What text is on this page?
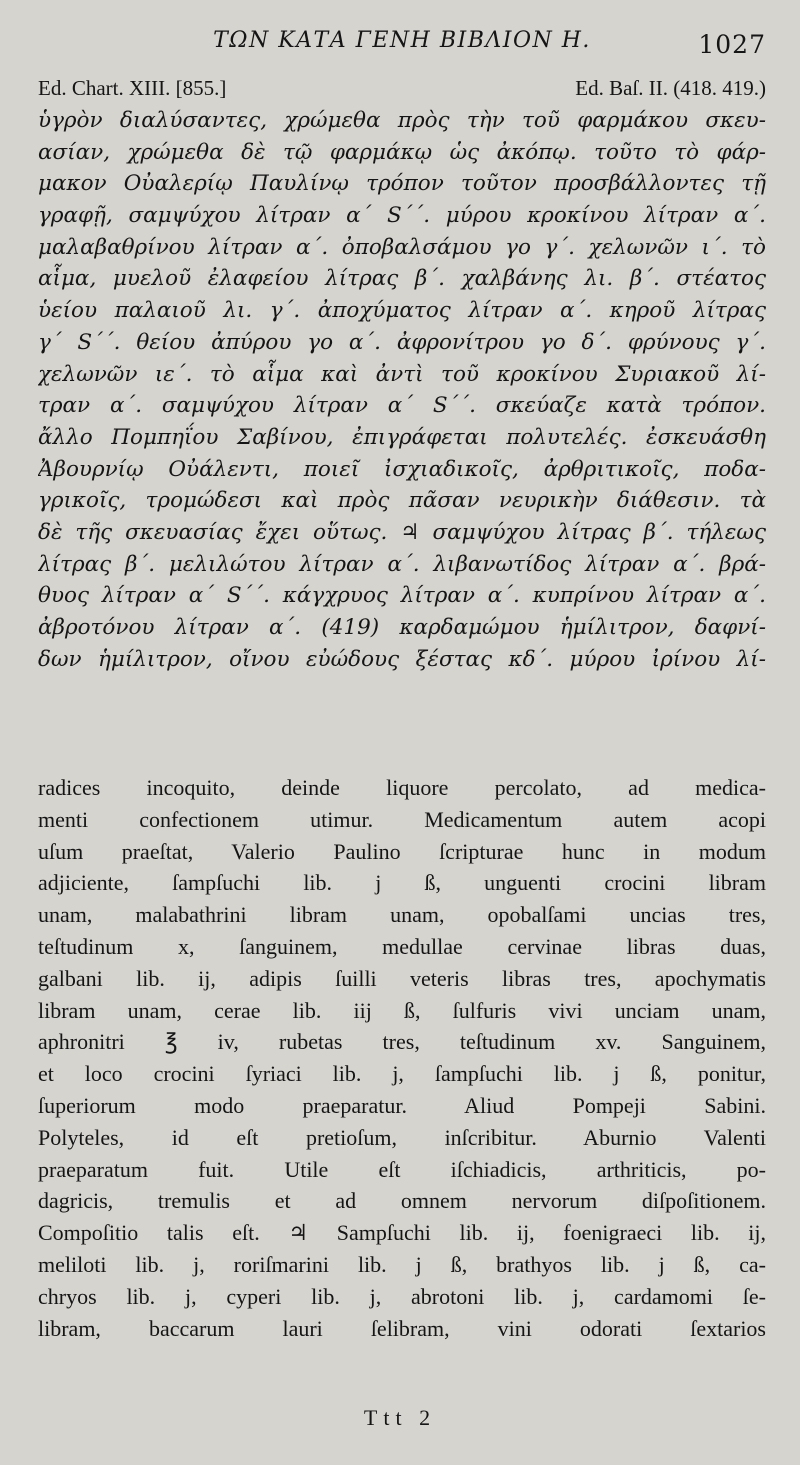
ΤΩΝ ΚΑΤΑ ΓΕΝΗ ΒΙΒΛΙΟΝ Η.	1027
Ed. Chart. XIII. [855.]	Ed. Baſ. II. (418. 419.)
ὑγρὸν διαλύσαντες, χρώμεθα πρὸς τὴν τοῦ φαρμάκου σκευ-
ασίαν, χρώμεθα δὲ τῷ φαρμάκῳ ὡς ἀκόπῳ. τοῦτο τὸ φάρ-
μακον Οὐαλερίῳ Παυλίνῳ τρόπον τοῦτον προσβάλλοντες τῇ
γραφῇ, σαμψύχου λίτραν α΄ S΄΄. μύρου κροκίνου λίτραν α΄.
μαλαβαθρίνου λίτραν α΄. ὀποβαλσάμου γο γ΄. χελωνῶν ι΄. τὸ
αἷμα, μυελοῦ ἐλαφείου λίτρας β΄. χαλβάνης λι. β΄. στέατος
ὑείου παλαιοῦ λι. γ΄. ἀποχύματος λίτραν α΄. κηροῦ λίτρας
γ΄ S΄΄. θείου ἀπύρου γο α΄. ἀφρονίτρου γο δ΄. φρύνους γ΄.
χελωνῶν ιε΄. τὸ αἷμα καὶ ἀντὶ τοῦ κροκίνου Συριακοῦ λί-
τραν α΄. σαμψύχου λίτραν α΄ S΄΄. σκεύαζε κατὰ τρόπον.
ἄλλο Πομπηΐου Σαβίνου, ἐπιγράφεται πολυτελές. ἐσκευάσθη
Ἀβουρνίῳ Οὐάλεντι, ποιεῖ ἰσχιαδικοῖς, ἀρθριτικοῖς, ποδα-
γρικοῖς, τρομώδεσι καὶ πρὸς πᾶσαν νευρικὴν διάθεσιν. τὰ
δὲ τῆς σκευασίας ἔχει οὕτως. ♃ σαμψύχου λίτρας β΄. τήλεως
λίτρας β΄. μελιλώτου λίτραν α΄. λιβανωτίδος λίτραν α΄. βρά-
θυος λίτραν α΄ S΄΄. κάγχρυος λίτραν α΄. κυπρίνου λίτραν α΄.
ἀβροτόνου λίτραν α΄. (419) καρδαμώμου ἡμίλιτρον, δαφνί-
δων ἡμίλιτρον, οἴνου εὐώδους ξέστας κδ΄. μύρου ἰρίνου λί-
radices incoquito, deinde liquore percolato, ad medica-
menti confectionem utimur. Medicamentum autem acopi
uſum praeſtat, Valerio Paulino ſcripturae hunc in modum
adjiciente, ſampſuchi lib. j ß, unguenti crocini libram
unam, malabathrini libram unam, opobalſami uncias tres,
teſtudinum x, ſanguinem, medullae cervinae libras duas,
galbani lib. ij, adipis ſuilli veteris libras tres, apochymatis
libram unam, cerae lib. iij ß, ſulfuris vivi unciam unam,
aphronitri ℥ iv, rubetas tres, teſtudinum xv. Sanguinem,
et loco crocini ſyriaci lib. j, ſampſuchi lib. j ß, ponitur,
ſuperiorum modo praeparatur. Aliud Pompeji Sabini.
Polyteles, id eſt pretioſum, inſcribitur. Aburnio Valenti
praeparatum fuit. Utile eſt iſchiadicis, arthriticis, po-
dagricis, tremulis et ad omnem nervorum diſpoſitionem.
Compoſitio talis eſt. ♃ Sampſuchi lib. ij, foenigraeci lib. ij,
meliloti lib. j, roriſmarini lib. j ß, brathyos lib. j ß, ca-
chryos lib. j, cyperi lib. j, abrotoni lib. j, cardamomi ſe-
libram, baccarum lauri ſelibram, vini odorati ſextarios
Ttt 2
